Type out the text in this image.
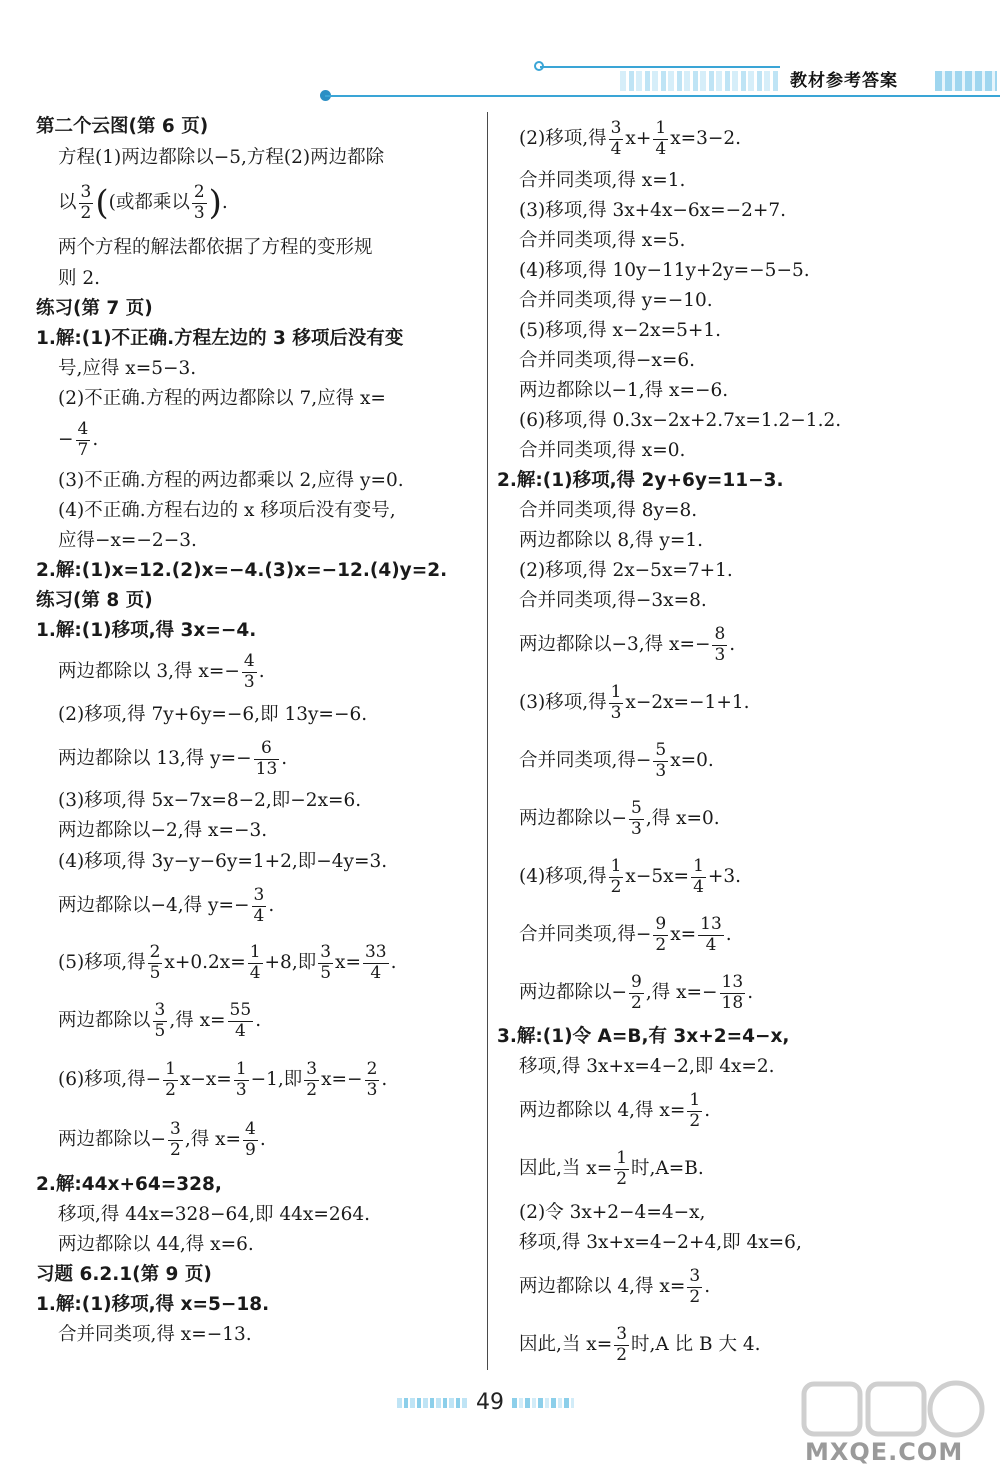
教材参考答案
第二个云图(第 6 页)
方程(1)两边都除以−5,方程(2)两边都除
以 $\frac{3}{2}$ ((或都乘以 $\frac{2}{3}$ ).
两个方程的解法都依据了方程的变形规
则 2.
练习(第 7 页)
1.解:(1)不正确.方程左边的 3 移项后没有变
号,应得 x=5−3.
(2)不正确.方程的两边都除以 7,应得 x=
− $\frac{4}{7}$ .
(3)不正确.方程的两边都乘以 2,应得 y=0.
(4)不正确.方程右边的 x 移项后没有变号,
应得−x=−2−3.
2.解:(1)x=12.(2)x=−4.(3)x=−12.(4)y=2.
练习(第 8 页)
1.解:(1)移项,得 3x=−4.
两边都除以 3,得 $x=- \frac{4}{3}$ .
(2)移项,得 7y+6y=−6,即 13y=−6.
两边都除以 13,得 $y=- \frac{6}{13}$ .
(3)移项,得 5x−7x=8−2,即−2x=6.
两边都除以−2,得 x=−3.
(4)移项,得 3y−y−6y=1+2,即−4y=3.
两边都除以−4,得 $y=- \frac{3}{4}$ .
(5)移项,得 $\frac{2}{5} x+0.2x= \frac{1}{4} +8$,即 $\frac{3}{5} x= \frac{33}{4}$ .
两边都除以 $\frac{3}{5}$ ,得 $x= \frac{55}{4}$ .
(6)移项,得− $\frac{1}{2} x-x= \frac{1}{3} -1$,即 $\frac{3}{2} x=- \frac{2}{3}$ .
两边都除以− $\frac{3}{2}$ ,得 $x= \frac{4}{9}$ .
2.解:44x+64=328,
移项,得 44x=328−64,即 44x=264.
两边都除以 44,得 x=6.
习题 6.2.1(第 9 页)
1.解:(1)移项,得 x=5−18.
合并同类项,得 x=−13.
(2)移项,得 $\frac{3}{4} x+ \frac{1}{4} x=3-2$.
合并同类项,得 x=1.
(3)移项,得 3x+4x−6x=−2+7.
合并同类项,得 x=5.
(4)移项,得 10y−11y+2y=−5−5.
合并同类项,得 y=−10.
(5)移项,得 x−2x=5+1.
合并同类项,得−x=6.
两边都除以−1,得 x=−6.
(6)移项,得 0.3x−2x+2.7x=1.2−1.2.
合并同类项,得 x=0.
2.解:(1)移项,得 2y+6y=11−3.
合并同类项,得 8y=8.
两边都除以 8,得 y=1.
(2)移项,得 2x−5x=7+1.
合并同类项,得−3x=8.
两边都除以−3,得 $x=- \frac{8}{3}$ .
(3)移项,得 $\frac{1}{3} x-2x=-1+1$.
合并同类项,得− $\frac{5}{3} x=0$.
两边都除以− $\frac{5}{3}$ ,得 x=0.
(4)移项,得 $\frac{1}{2} x-5x= \frac{1}{4} +3$.
合并同类项,得− $\frac{9}{2} x= \frac{13}{4}$ .
两边都除以− $\frac{9}{2}$ ,得 $x=- \frac{13}{18}$ .
3.解:(1)令 A=B,有 3x+2=4−x,
移项,得 3x+x=4−2,即 4x=2.
两边都除以 4,得 $x= \frac{1}{2}$ .
因此,当 $x= \frac{1}{2}$ 时,A=B.
(2)令 3x+2−4=4−x,
移项,得 3x+x=4−2+4,即 4x=6,
两边都除以 4,得 $x= \frac{3}{2}$ .
因此,当 $x= \frac{3}{2}$ 时,A 比 B 大 4.
49
MXQE.COM
